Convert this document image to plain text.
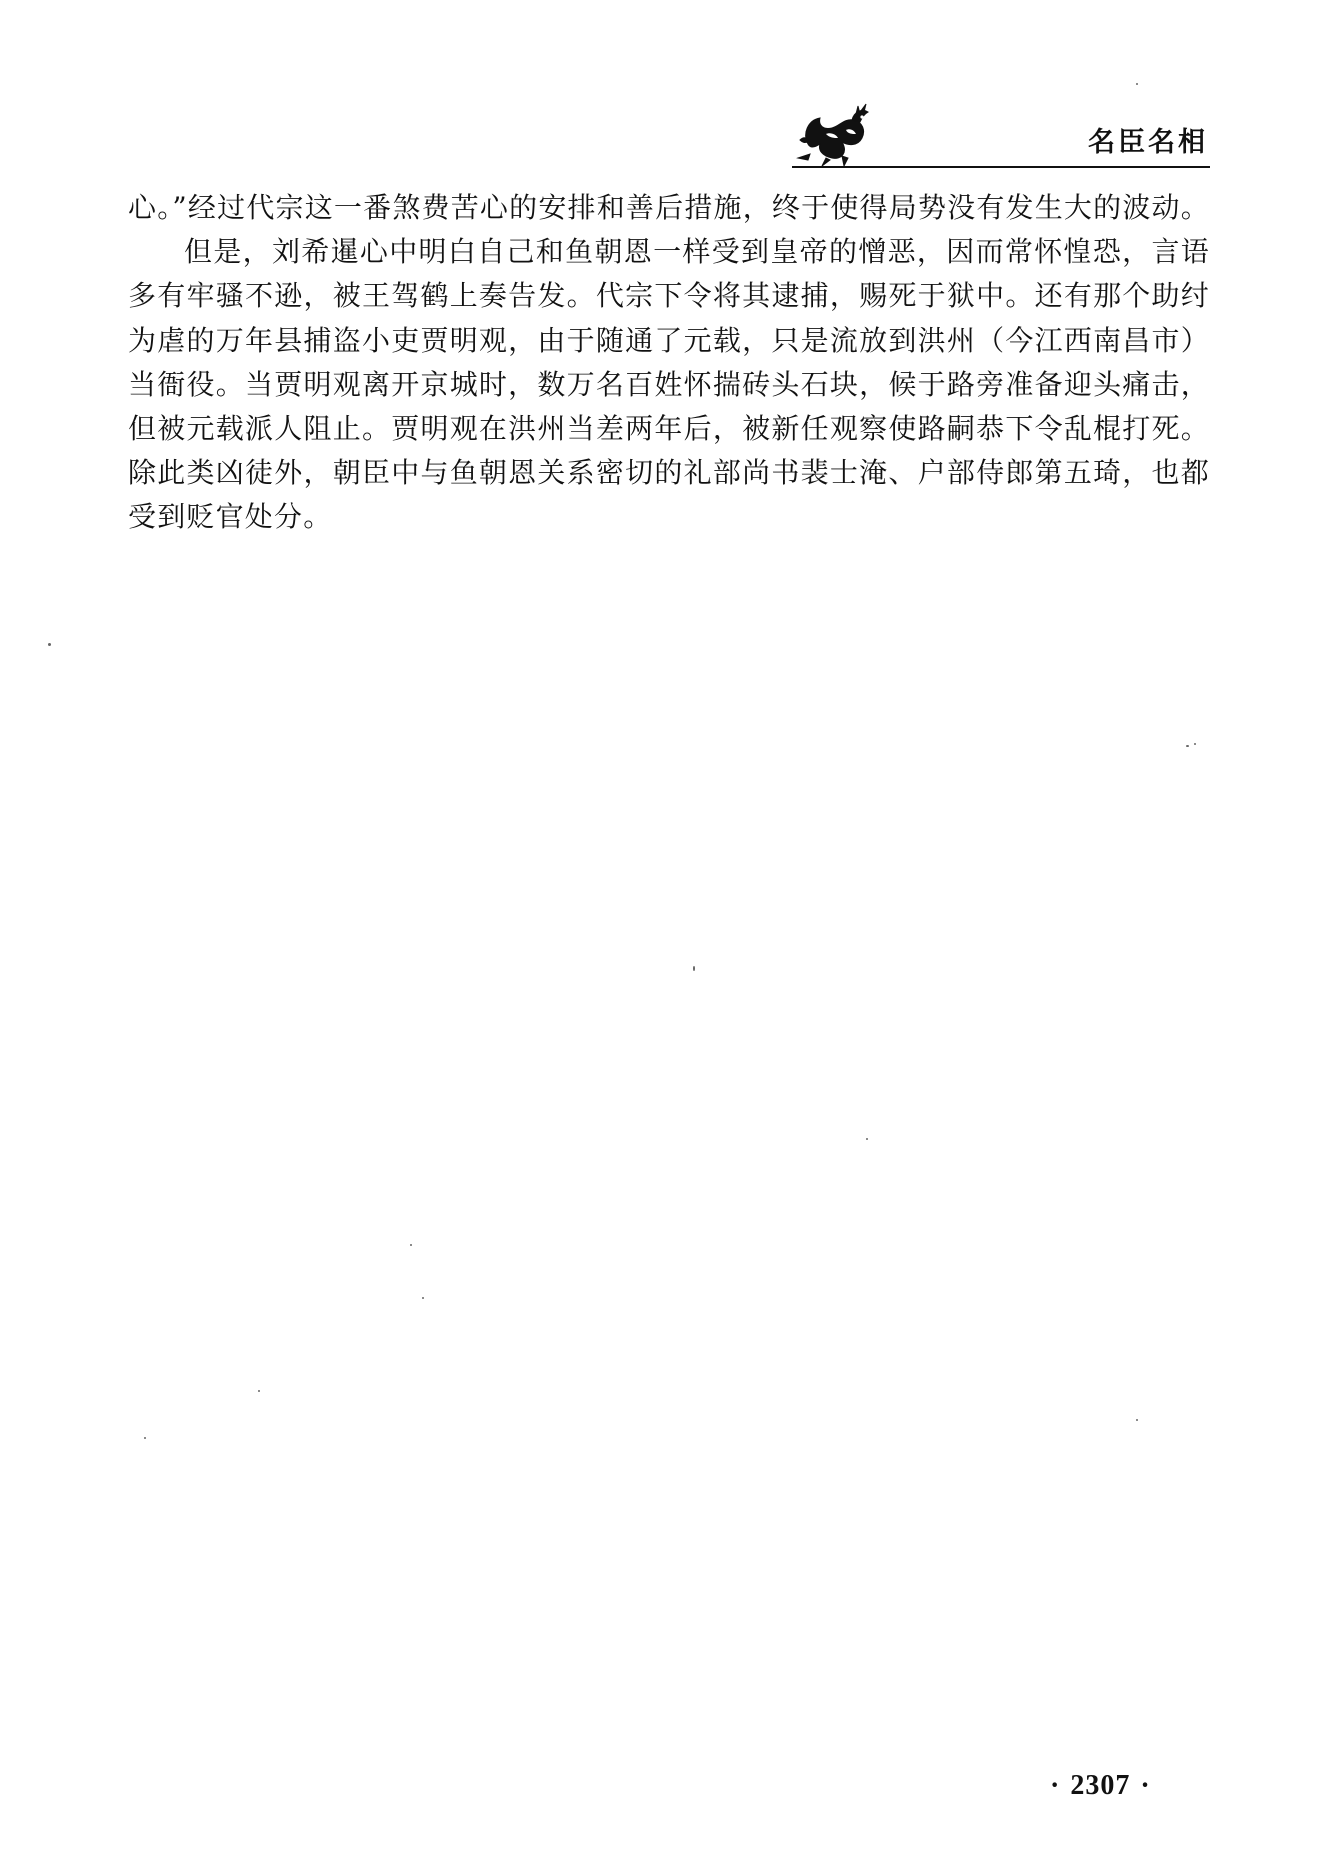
名臣名相

心。”经过代宗这一番煞费苦心的安排和善后措施，终于使得局势没有发生大的波动。

但是，刘希暹心中明白自己和鱼朝恩一样受到皇帝的憎恶，因而常怀惶恐，言语多有牢骚不逊，被王驾鹤上奏告发。代宗下令将其逮捕，赐死于狱中。还有那个助纣为虐的万年县捕盗小吏贾明观，由于随通了元载，只是流放到洪州（今江西南昌市）当衙役。当贾明观离开京城时，数万名百姓怀揣砖头石块，候于路旁准备迎头痛击，但被元载派人阻止。贾明观在洪州当差两年后，被新任观察使路嗣恭下令乱棍打死。除此类凶徒外，朝臣中与鱼朝恩关系密切的礼部尚书裴士淹、户部侍郎第五琦，也都受到贬官处分。

· 2307 ·
